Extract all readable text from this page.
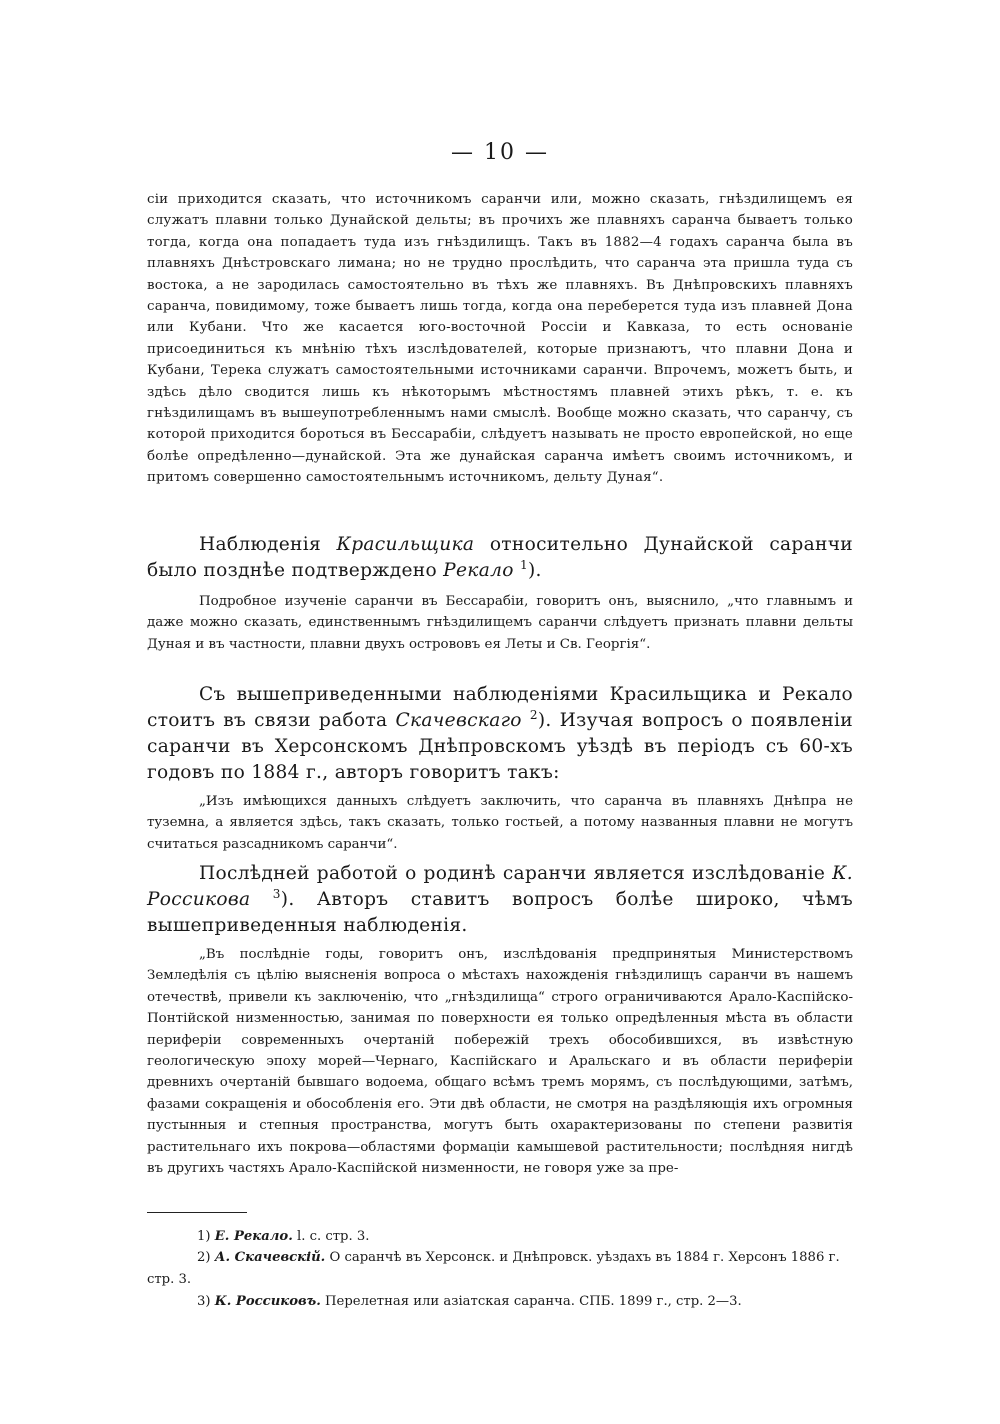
— 10 —

сіи приходится сказать, что источникомъ саранчи или, можно сказать, гнѣздилищемъ ея служатъ плавни только Дунайской дельты; въ прочихъ же плавняхъ саранча бываетъ только тогда, когда она попадаетъ туда изъ гнѣздилищъ. Такъ въ 1882—4 годахъ саранча была въ плавняхъ Днѣстровскаго лимана; но не трудно прослѣдить, что саранча эта пришла туда съ востока, а не зародилась самостоятельно въ тѣхъ же плавняхъ. Въ Днѣпровскихъ плавняхъ саранча, повидимому, тоже бываетъ лишь тогда, когда она переберется туда изъ плавней Дона или Кубани. Что же касается юго-восточной Россіи и Кавказа, то есть основаніе присоединиться къ мнѣнію тѣхъ изслѣдователей, которые признаютъ, что плавни Дона и Кубани, Терека служатъ самостоятельными источниками саранчи. Впрочемъ, можетъ быть, и здѣсь дѣло сводится лишь къ нѣкоторымъ мѣстностямъ плавней этихъ рѣкъ, т. е. къ гнѣздилищамъ въ вышеупотребленнымъ нами смыслѣ. Вообще можно сказать, что саранчу, съ которой приходится бороться въ Бессарабіи, слѣдуетъ называть не просто европейской, но еще болѣе опредѣленно—дунайской. Эта же дунайская саранча имѣетъ своимъ источникомъ, и притомъ совершенно самостоятельнымъ источникомъ, дельту Дуная“.

Наблюденія Красильщика относительно Дунайской саранчи было позднѣе подтверждено Рекало $^1$).

Подробное изученіе саранчи въ Бессарабіи, говоритъ онъ, выяснило, „что главнымъ и даже можно сказать, единственнымъ гнѣздилищемъ саранчи слѣдуетъ признать плавни дельты Дуная и въ частности, плавни двухъ острововъ ея Леты и Св. Георгія“.

Съ вышеприведенными наблюденіями Красильщика и Рекало стоитъ въ связи работа Скачевскаго $^2$). Изучая вопросъ о появленіи саранчи въ Херсонскомъ Днѣпровскомъ уѣздѣ въ періодъ съ 60-хъ годовъ по 1884 г., авторъ говоритъ такъ:

„Изъ имѣющихся данныхъ слѣдуетъ заключить, что саранча въ плавняхъ Днѣпра не туземна, а является здѣсь, такъ сказать, только гостьей, а потому названныя плавни не могутъ считаться разсадникомъ саранчи“.

Послѣдней работой о родинѣ саранчи является изслѣдованіе К. Россикова $^3$). Авторъ ставитъ вопросъ болѣе широко, чѣмъ вышеприведенныя наблюденія.

„Въ послѣдніе годы, говоритъ онъ, изслѣдованія предпринятыя Министерствомъ Земледѣлія съ цѣлію выясненія вопроса о мѣстахъ нахожденія гнѣздилищъ саранчи въ нашемъ отечествѣ, привели къ заключенію, что „гнѣздилища“ строго ограничиваются Арало-Каспійско-Понтійской низменностью, занимая по поверхности ея только опредѣленныя мѣста въ области периферіи современныхъ очертаній побережій трехъ обособившихся, въ извѣстную геологическую эпоху морей—Чернаго, Каспійскаго и Аральскаго и въ области периферіи древнихъ очертаній бывшаго водоема, общаго всѣмъ тремъ морямъ, съ послѣдующими, затѣмъ, фазами сокращенія и обособленія его. Эти двѣ области, не смотря на раздѣляющія ихъ огромныя пустынныя и степныя пространства, могутъ быть охарактеризованы по степени развитія растительнаго ихъ покрова—областями формаціи камышевой растительности; послѣдняя нигдѣ въ другихъ частяхъ Арало-Каспійской низменности, не говоря уже за пре-

1) Е. Рекало. l. c. стр. 3.
2) А. Скачевскій. О саранчѣ въ Херсонск. и Днѣпровск. уѣздахъ въ 1884 г. Херсонъ 1886 г. стр. 3.
3) К. Россиковъ. Перелетная или азіатская саранча. СПБ. 1899 г., стр. 2—3.
